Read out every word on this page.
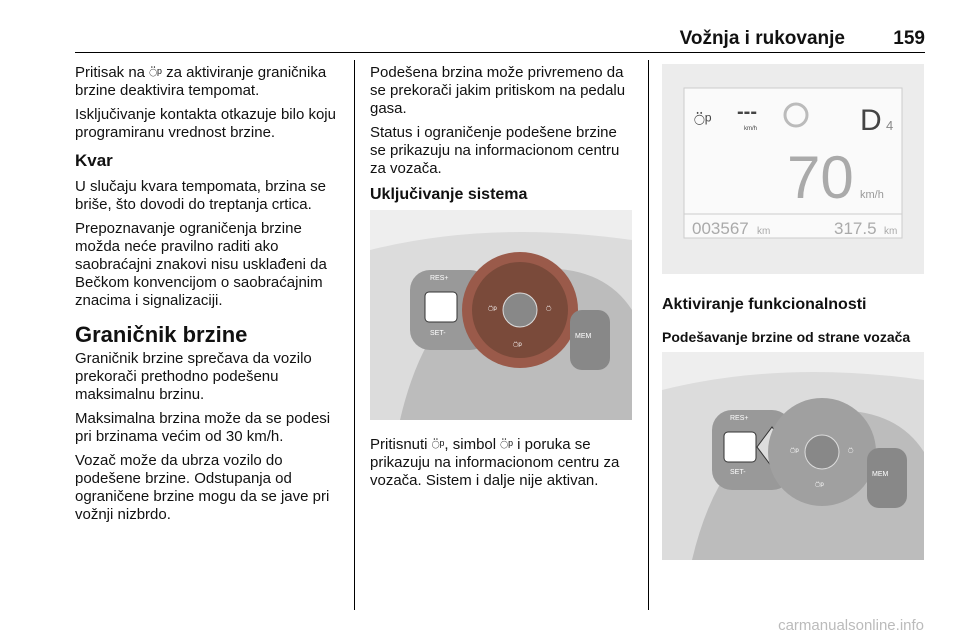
Vožnja i rukovanje	159

Pritisak na ⍥ᵖ za aktiviranje graničnika brzine deaktivira tempomat.

Isključivanje kontakta otkazuje bilo koju programiranu vrednost brzine.

Kvar

U slučaju kvara tempomata, brzina se briše, što dovodi do treptanja crtica.

Prepoznavanje ograničenja brzine možda neće pravilno raditi ako saobraćajni znakovi nisu usklađeni da Bečkom konvencijom o saobraćajnim znacima i signalizaciji.

Graničnik brzine

Graničnik brzine sprečava da vozilo prekorači prethodno podešenu maksimalnu brzinu.

Maksimalna brzina može da se podesi pri brzinama većim od 30 km/h.

Vozač može da ubrza vozilo do podešene brzine. Odstupanja od ograničene brzine mogu da se jave pri vožnji nizbrdo.

Podešena brzina može privremeno da se prekorači jakim pritiskom na pedalu gasa.

Status i ograničenje podešene brzine se prikazuju na informacionom centru za vozača.

Uključivanje sistema
RES+
SET-
⍥ᵖ	⍥
⍥ᵖ
MEM

Pritisnuti ⍥ᵖ, simbol ⍥ᵖ i poruka se prikazuju na informacionom centru za vozača. Sistem i dalje nije aktivan.

⍥ᵖ ---
km/h	D 4
70 km/h
003567 km	317.5 km
Aktiviranje funkcionalnosti
Podešavanje brzine od strane vozača
RES+
SET-
⍥ᵖ	⍥
⍥ᵖ
MEM
carmanualsonline.info
